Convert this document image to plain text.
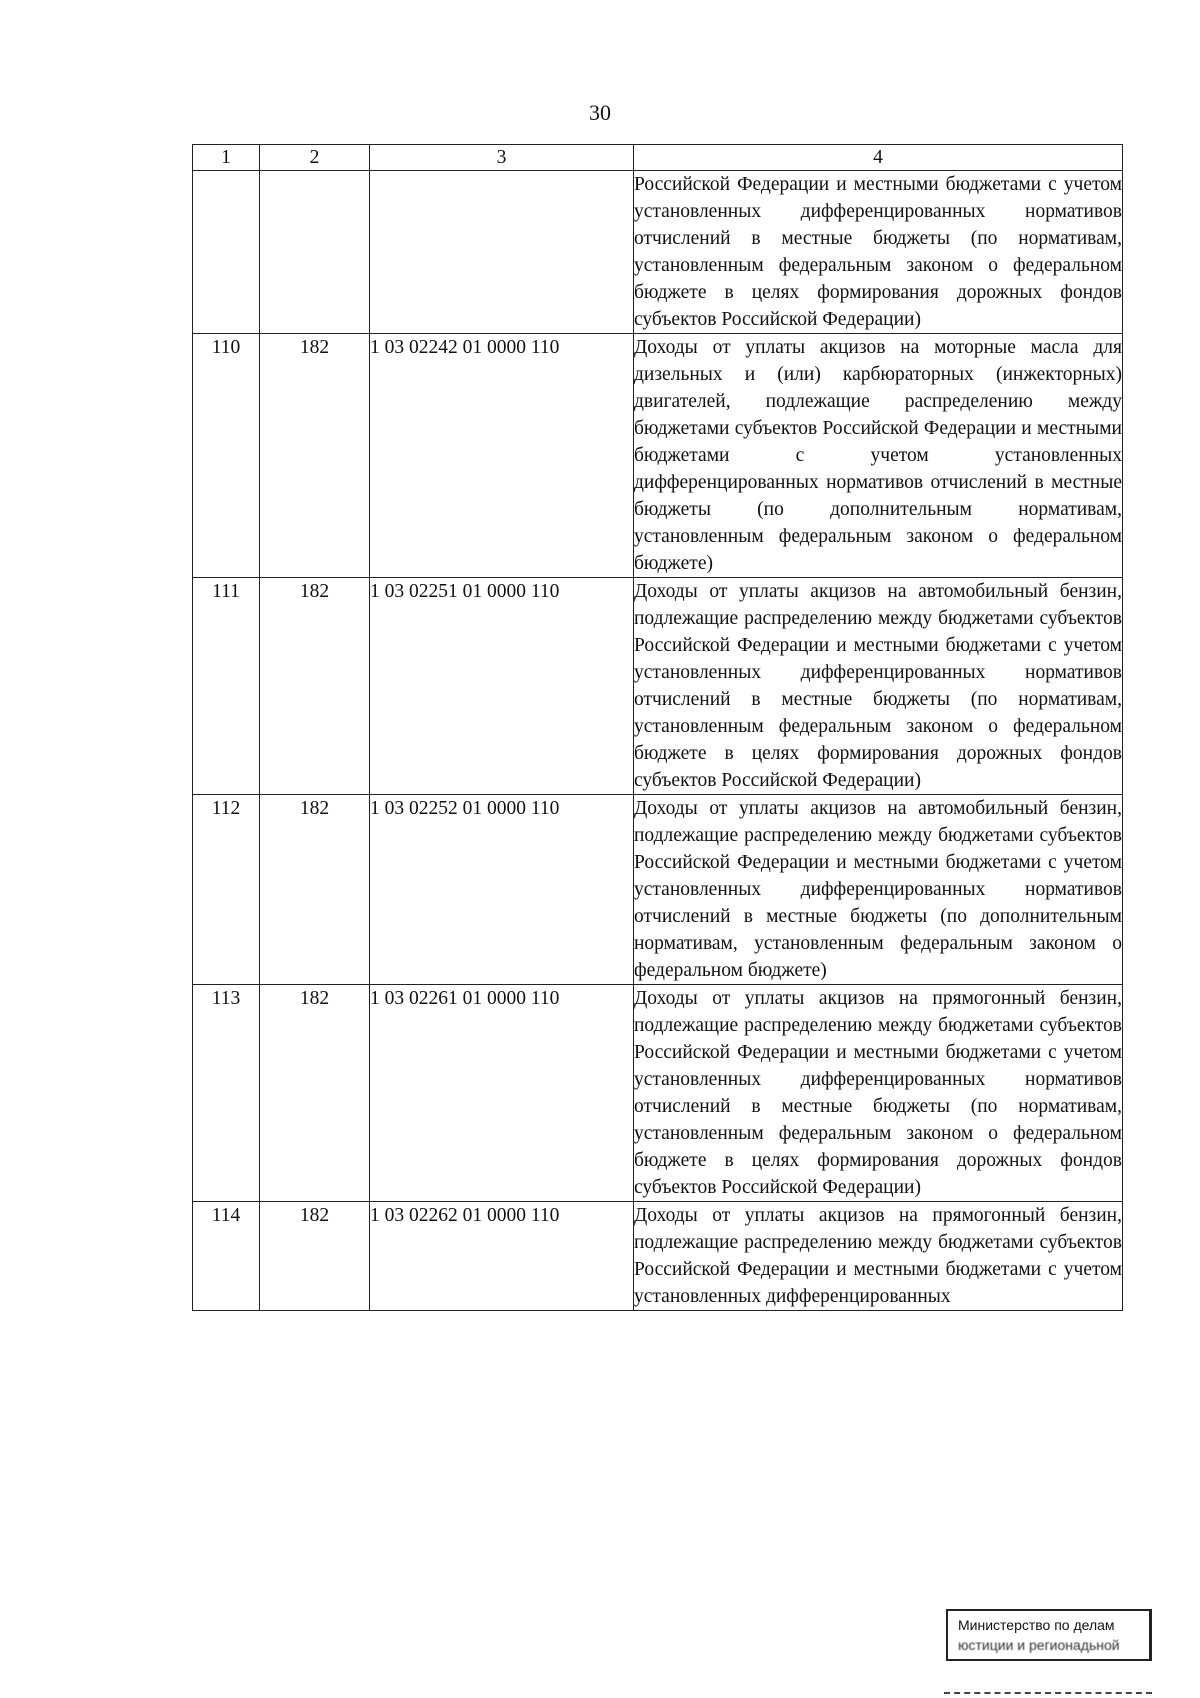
30
1	2	3	4
			Российской Федерации и местными бюджетами с учетом установленных дифференцированных нормативов отчислений в местные бюджеты (по нормативам, установленным федеральным законом о федеральном бюджете в целях формирования дорожных фондов субъектов Российской Федерации)
110	182	1 03 02242 01 0000 110	Доходы от уплаты акцизов на моторные масла для дизельных и (или) карбюраторных (инжекторных) двигателей, подлежащие распределению между бюджетами субъектов Российской Федерации и местными бюджетами с учетом установленных дифференцированных нормативов отчислений в местные бюджеты (по дополнительным нормативам, установленным федеральным законом о федеральном бюджете)
111	182	1 03 02251 01 0000 110	Доходы от уплаты акцизов на автомобильный бензин, подлежащие распределению между бюджетами субъектов Российской Федерации и местными бюджетами с учетом установленных дифференцированных нормативов отчислений в местные бюджеты (по нормативам, установленным федеральным законом о федеральном бюджете в целях формирования дорожных фондов субъектов Российской Федерации)
112	182	1 03 02252 01 0000 110	Доходы от уплаты акцизов на автомобильный бензин, подлежащие распределению между бюджетами субъектов Российской Федерации и местными бюджетами с учетом установленных дифференцированных нормативов отчислений в местные бюджеты (по дополнительным нормативам, установленным федеральным законом о федеральном бюджете)
113	182	1 03 02261 01 0000 110	Доходы от уплаты акцизов на прямогонный бензин, подлежащие распределению между бюджетами субъектов Российской Федерации и местными бюджетами с учетом установленных дифференцированных нормативов отчислений в местные бюджеты (по нормативам, установленным федеральным законом о федеральном бюджете в целях формирования дорожных фондов субъектов Российской Федерации)
114	182	1 03 02262 01 0000 110	Доходы от уплаты акцизов на прямогонный бензин, подлежащие распределению между бюджетами субъектов Российской Федерации и местными бюджетами с учетом установленных дифференцированных
Министерство по делам
юстиции и регионадьной
